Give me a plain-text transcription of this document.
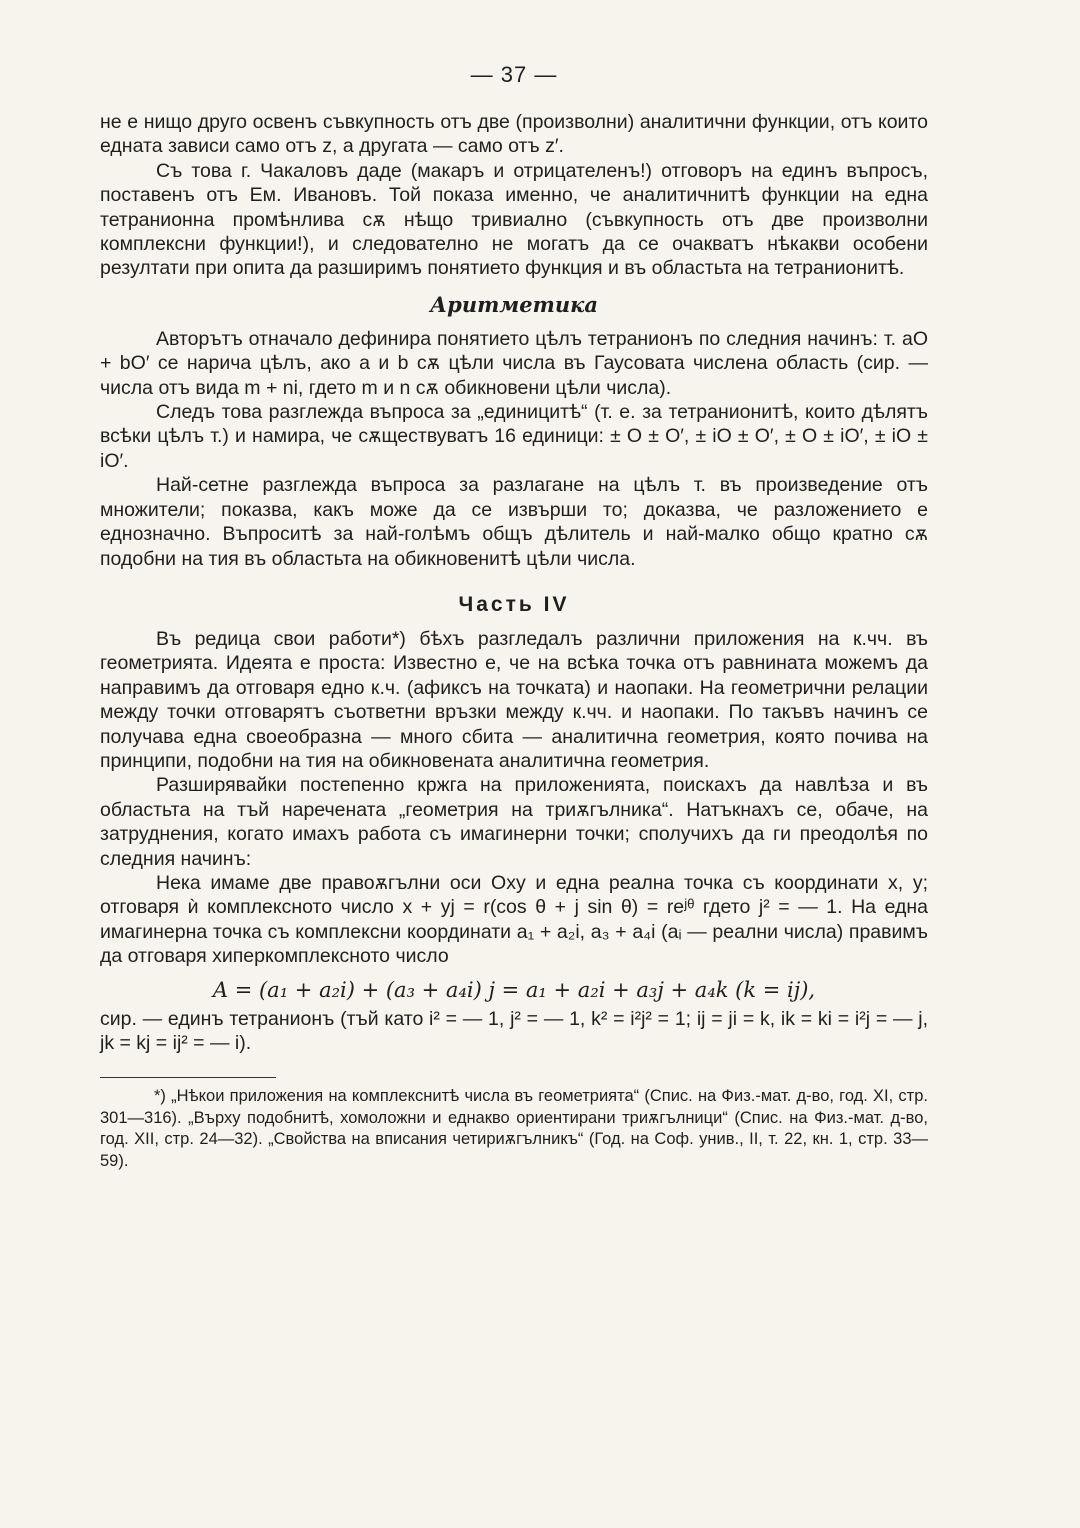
— 37 —

не е нищо друго освенъ съвкупность отъ две (произволни) аналитични функции, отъ които едната зависи само отъ z, а другата — само отъ z′.

Съ това г. Чакаловъ даде (макаръ и отрицателенъ!) отговоръ на единъ въпросъ, поставенъ отъ Ем. Ивановъ. Той показа именно, че аналитичнитѣ функции на една тетранионна промѣнлива сѫ нѣщо тривиално (съвкупность отъ две произволни комплексни функции!), и следователно не могатъ да се очакватъ нѣкакви особени резултати при опита да разширимъ понятието функция и въ областьта на тетранионитѣ.

Аритметика

Авторътъ отначало дефинира понятието цѣлъ тетранионъ по следния начинъ: т. aO + bO′ се нарича цѣлъ, ако a и b сѫ цѣли числа въ Гаусовата числена область (сир. — числа отъ вида m + ni, гдето m и n сѫ обикновени цѣли числа).

Следъ това разглежда въпроса за „единицитѣ“ (т. е. за тетранионитѣ, които дѣлятъ всѣки цѣлъ т.) и намира, че сѫществуватъ 16 единици: ± O ± O′, ± iO ± O′, ± O ± iO′, ± iO ± iO′.

Най-сетне разглежда въпроса за разлагане на цѣлъ т. въ произведение отъ множители; показва, какъ може да се извърши то; доказва, че разложението е еднозначно. Въпроситѣ за най-голѣмъ общъ дѣлитель и най-малко общо кратно сѫ подобни на тия въ областьта на обикновенитѣ цѣли числа.

Часть IV

Въ редица свои работи*) бѣхъ разгледалъ различни приложения на к.чч. въ геометрията. Идеята е проста: Известно е, че на всѣка точка отъ равнината можемъ да направимъ да отговаря едно к.ч. (афиксъ на точката) и наопаки. На геометрични релации между точки отговарятъ съответни връзки между к.чч. и наопаки. По такъвъ начинъ се получава една своеобразна — много сбита — аналитична геометрия, която почива на принципи, подобни на тия на обикновената аналитична геометрия.

Разширявайки постепенно кржга на приложенията, поискахъ да навлѣза и въ областьта на тъй наречената „геометрия на триѫгълника“. Натъкнахъ се, обаче, на затруднения, когато имахъ работа съ имагинерни точки; сполучихъ да ги преодолѣя по следния начинъ:

Нека имаме две правоѫгълни оси Oxy и една реална точка съ координати x, y; отговаря ѝ комплексното число x + yj = r(cos θ + j sin θ) = reʲᶿ гдето j² = — 1. На една имагинерна точка съ комплексни координати a₁ + a₂i, a₃ + a₄i (aᵢ — реални числа) правимъ да отговаря хиперкомплексното число

A = (a₁ + a₂i) + (a₃ + a₄i) j = a₁ + a₂i + a₃j + a₄k (k = ij),

сир. — единъ тетранионъ (тъй като i² = — 1, j² = — 1, k² = i²j² = 1; ij = ji = k, ik = ki = i²j = — j, jk = kj = ij² = — i).

*) „Нѣкои приложения на комплекснитѣ числа въ геометрията“ (Спис. на Физ.-мат. д-во, год. XI, стр. 301—316). „Върху подобнитѣ, хомоложни и еднакво ориентирани триѫгълници“ (Спис. на Физ.-мат. д-во, год. XII, стр. 24—32). „Свойства на вписания четириѫгълникъ“ (Год. на Соф. унив., II, т. 22, кн. 1, стр. 33—59).
